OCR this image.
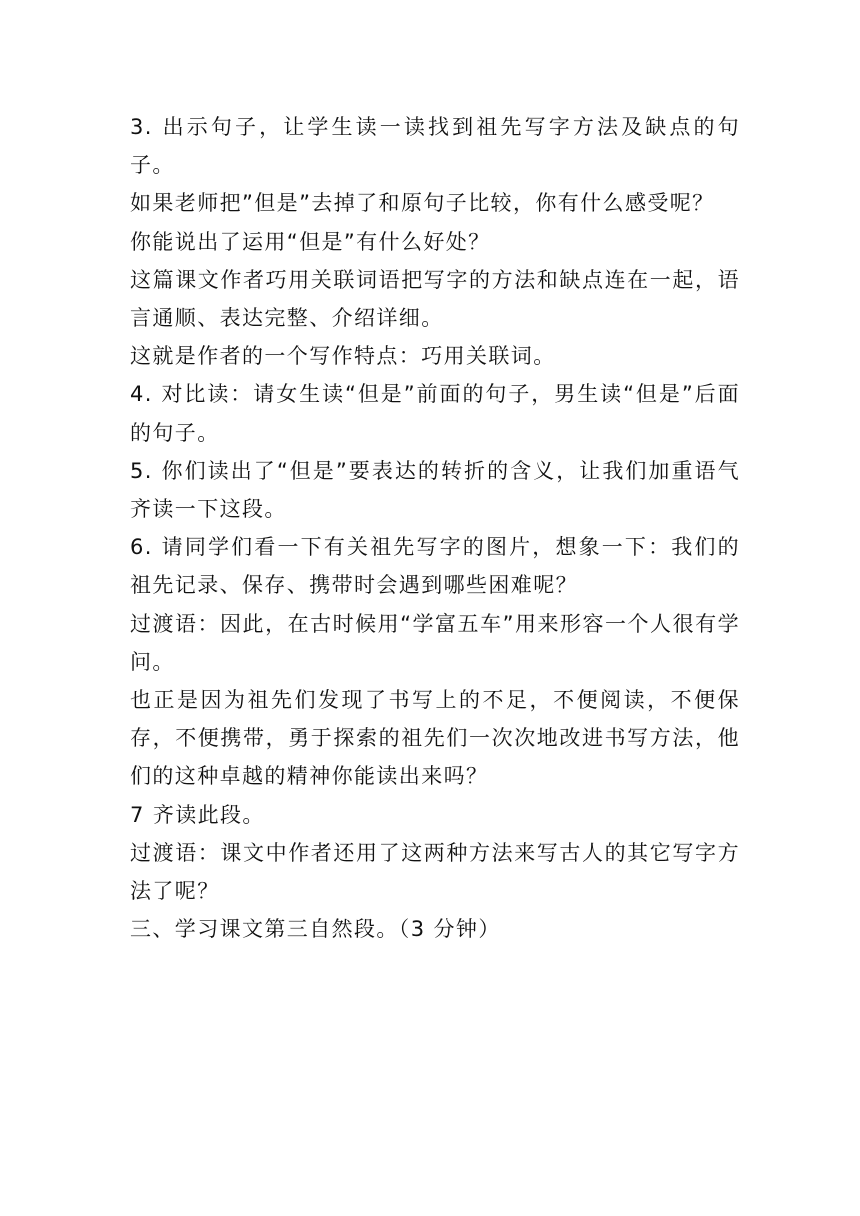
3. 出示句子，让学生读一读找到祖先写字方法及缺点的句子。

如果老师把”但是”去掉了和原句子比较，你有什么感受呢？

你能说出了运用“但是”有什么好处？

这篇课文作者巧用关联词语把写字的方法和缺点连在一起，语言通顺、表达完整、介绍详细。

这就是作者的一个写作特点：巧用关联词。

4. 对比读：请女生读“但是”前面的句子，男生读“但是”后面的句子。

5. 你们读出了“但是”要表达的转折的含义，让我们加重语气齐读一下这段。

6. 请同学们看一下有关祖先写字的图片，想象一下：我们的祖先记录、保存、携带时会遇到哪些困难呢？

过渡语：因此，在古时候用“学富五车”用来形容一个人很有学问。

也正是因为祖先们发现了书写上的不足，不便阅读，不便保存，不便携带，勇于探索的祖先们一次次地改进书写方法，他们的这种卓越的精神你能读出来吗？

7 齐读此段。

过渡语：课文中作者还用了这两种方法来写古人的其它写字方法了呢？

三、学习课文第三自然段。（3 分钟）
